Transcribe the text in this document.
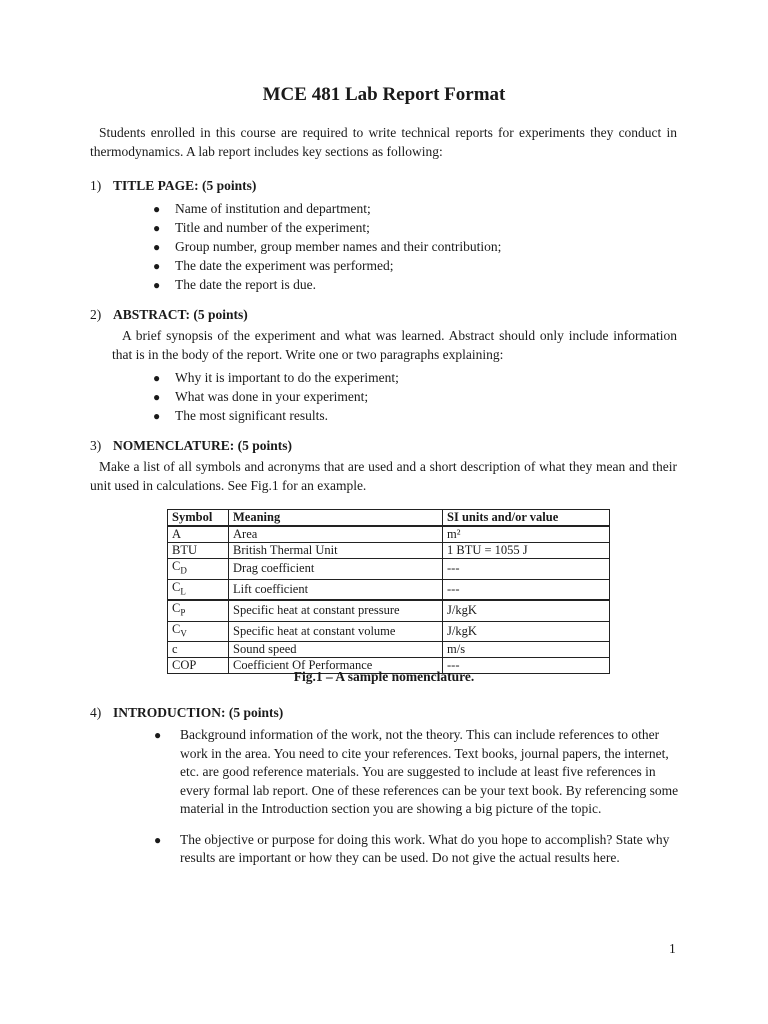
MCE 481 Lab Report Format
Students enrolled in this course are required to write technical reports for experiments they conduct in thermodynamics. A lab report includes key sections as following:
1) TITLE PAGE: (5 points)
● Name of institution and department;
● Title and number of the experiment;
● Group number, group member names and their contribution;
● The date the experiment was performed;
● The date the report is due.
2) ABSTRACT: (5 points)
A brief synopsis of the experiment and what was learned. Abstract should only include information that is in the body of the report. Write one or two paragraphs explaining:
● Why it is important to do the experiment;
● What was done in your experiment;
● The most significant results.
3) NOMENCLATURE: (5 points)
Make a list of all symbols and acronyms that are used and a short description of what they mean and their unit used in calculations. See Fig.1 for an example.
Symbol	Meaning	SI units and/or value
A	Area	m²
BTU	British Thermal Unit	1 BTU = 1055 J
$C_D$	Drag coefficient	---
$C_L$	Lift coefficient	---
$C_P$	Specific heat at constant pressure	J/kgK
$C_V$	Specific heat at constant volume	J/kgK
c	Sound speed	m/s
COP	Coefficient Of Performance	---
Fig.1 – A sample nomenclature.
4) INTRODUCTION: (5 points)
● Background information of the work, not the theory. This can include references to other work in the area. You need to cite your references. Text books, journal papers, the internet, etc. are good reference materials. You are suggested to include at least five references in every formal lab report. One of these references can be your text book. By referencing some material in the Introduction section you are showing a big picture of the topic.
● The objective or purpose for doing this work. What do you hope to accomplish? State why results are important or how they can be used. Do not give the actual results here.
1
